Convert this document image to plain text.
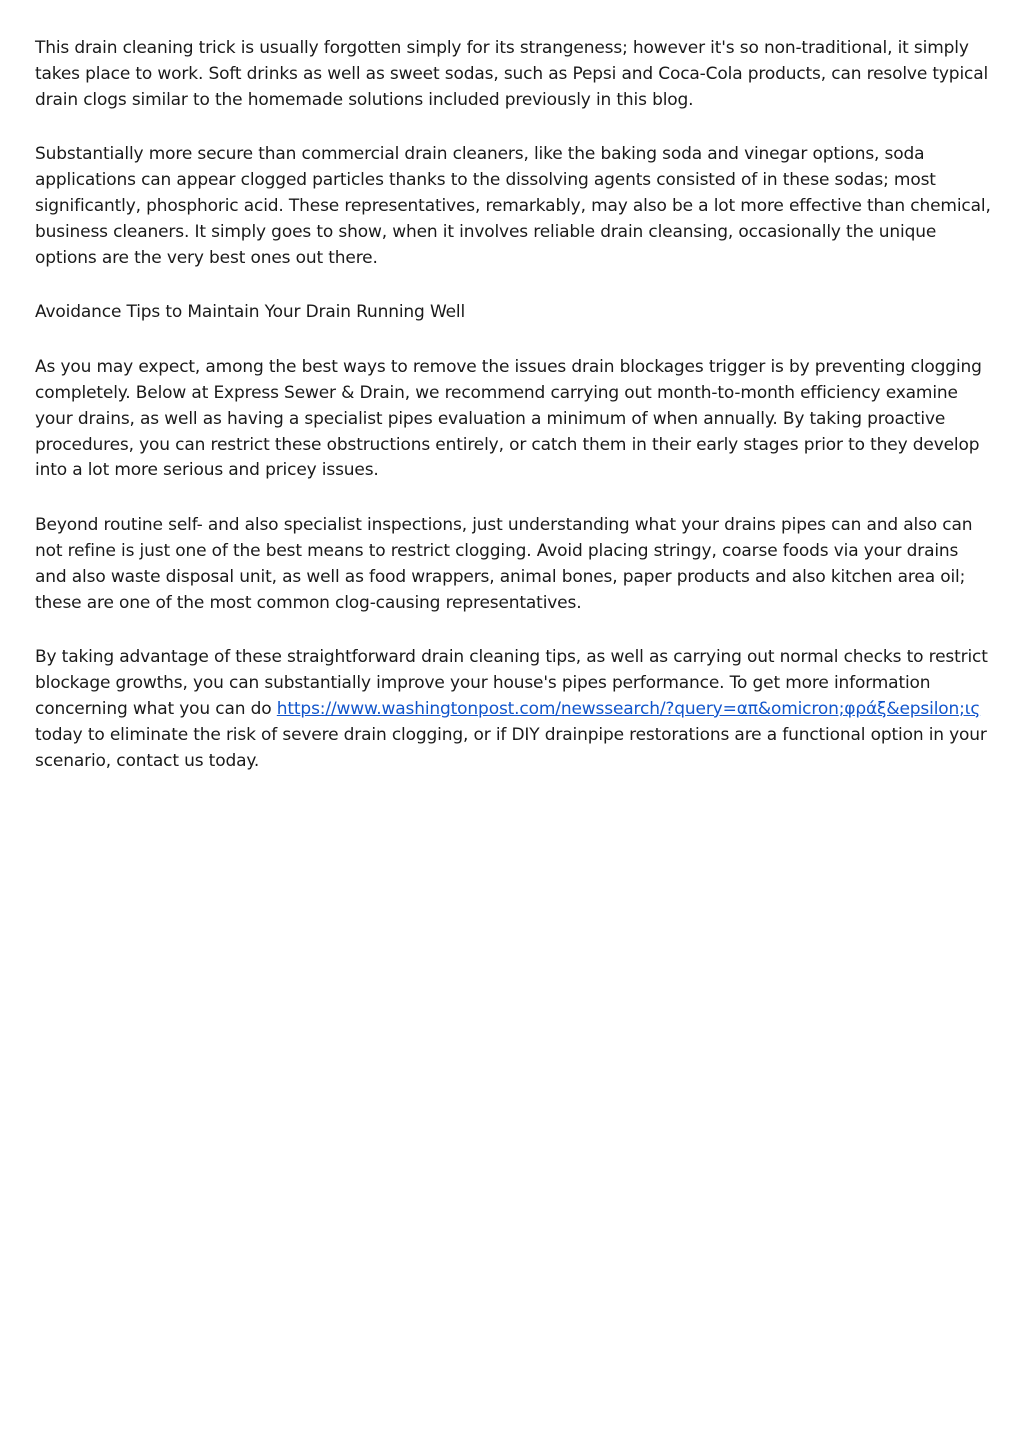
This drain cleaning trick is usually forgotten simply for its strangeness; however it's so non-traditional, it simply takes place to work. Soft drinks as well as sweet sodas, such as Pepsi and Coca-Cola products, can resolve typical drain clogs similar to the homemade solutions included previously in this blog.

Substantially more secure than commercial drain cleaners, like the baking soda and vinegar options, soda applications can appear clogged particles thanks to the dissolving agents consisted of in these sodas; most significantly, phosphoric acid. These representatives, remarkably, may also be a lot more effective than chemical, business cleaners. It simply goes to show, when it involves reliable drain cleansing, occasionally the unique options are the very best ones out there.

Avoidance Tips to Maintain Your Drain Running Well

As you may expect, among the best ways to remove the issues drain blockages trigger is by preventing clogging completely. Below at Express Sewer & Drain, we recommend carrying out month-to-month efficiency examine your drains, as well as having a specialist pipes evaluation a minimum of when annually. By taking proactive procedures, you can restrict these obstructions entirely, or catch them in their early stages prior to they develop into a lot more serious and pricey issues.

Beyond routine self- and also specialist inspections, just understanding what your drains pipes can and also can not refine is just one of the best means to restrict clogging. Avoid placing stringy, coarse foods via your drains and also waste disposal unit, as well as food wrappers, animal bones, paper products and also kitchen area oil; these are one of the most common clog-causing representatives.

By taking advantage of these straightforward drain cleaning tips, as well as carrying out normal checks to restrict blockage growths, you can substantially improve your house's pipes performance. To get more information concerning what you can do https://www.washingtonpost.com/newssearch/?query=απ&omicron;φράξ&epsilon;ις today to eliminate the risk of severe drain clogging, or if DIY drainpipe restorations are a functional option in your scenario, contact us today.
